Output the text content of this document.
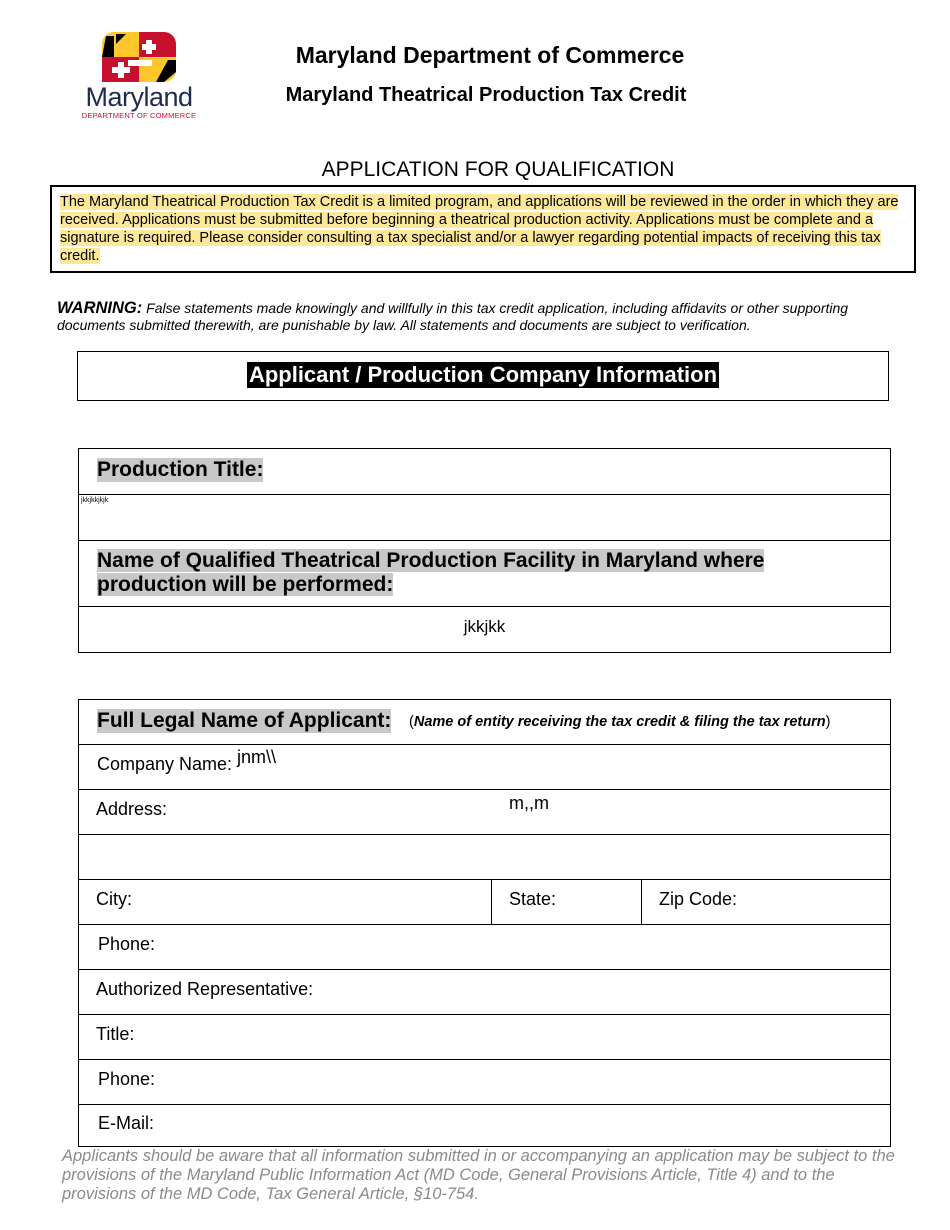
Maryland
DEPARTMENT OF COMMERCE
Maryland Department of Commerce
Maryland Theatrical Production Tax Credit
APPLICATION FOR QUALIFICATION
The Maryland Theatrical Production Tax Credit is a limited program, and applications will be reviewed in the order in which they are received. Applications must be submitted before beginning a theatrical production activity. Applications must be complete and a signature is required. Please consider consulting a tax specialist and/or a lawyer regarding potential impacts of receiving this tax credit.
WARNING: False statements made knowingly and willfully in this tax credit application, including affidavits or other supporting documents submitted therewith, are punishable by law. All statements and documents are subject to verification.
Applicant / Production Company Information
Production Title:
jkkjkkjkjk
Name of Qualified Theatrical Production Facility in Maryland where production will be performed:
jkkjkk
Full Legal Name of Applicant: (Name of entity receiving the tax credit & filing the tax return)
Company Name: jnm\\
Address:	m,,m
City:	State:	Zip Code:
Phone:
Authorized Representative:
Title:
Phone:
E-Mail:
Applicants should be aware that all information submitted in or accompanying an application may be subject to the provisions of the Maryland Public Information Act (MD Code, General Provisions Article, Title 4) and to the provisions of the MD Code, Tax General Article, §10-754.
